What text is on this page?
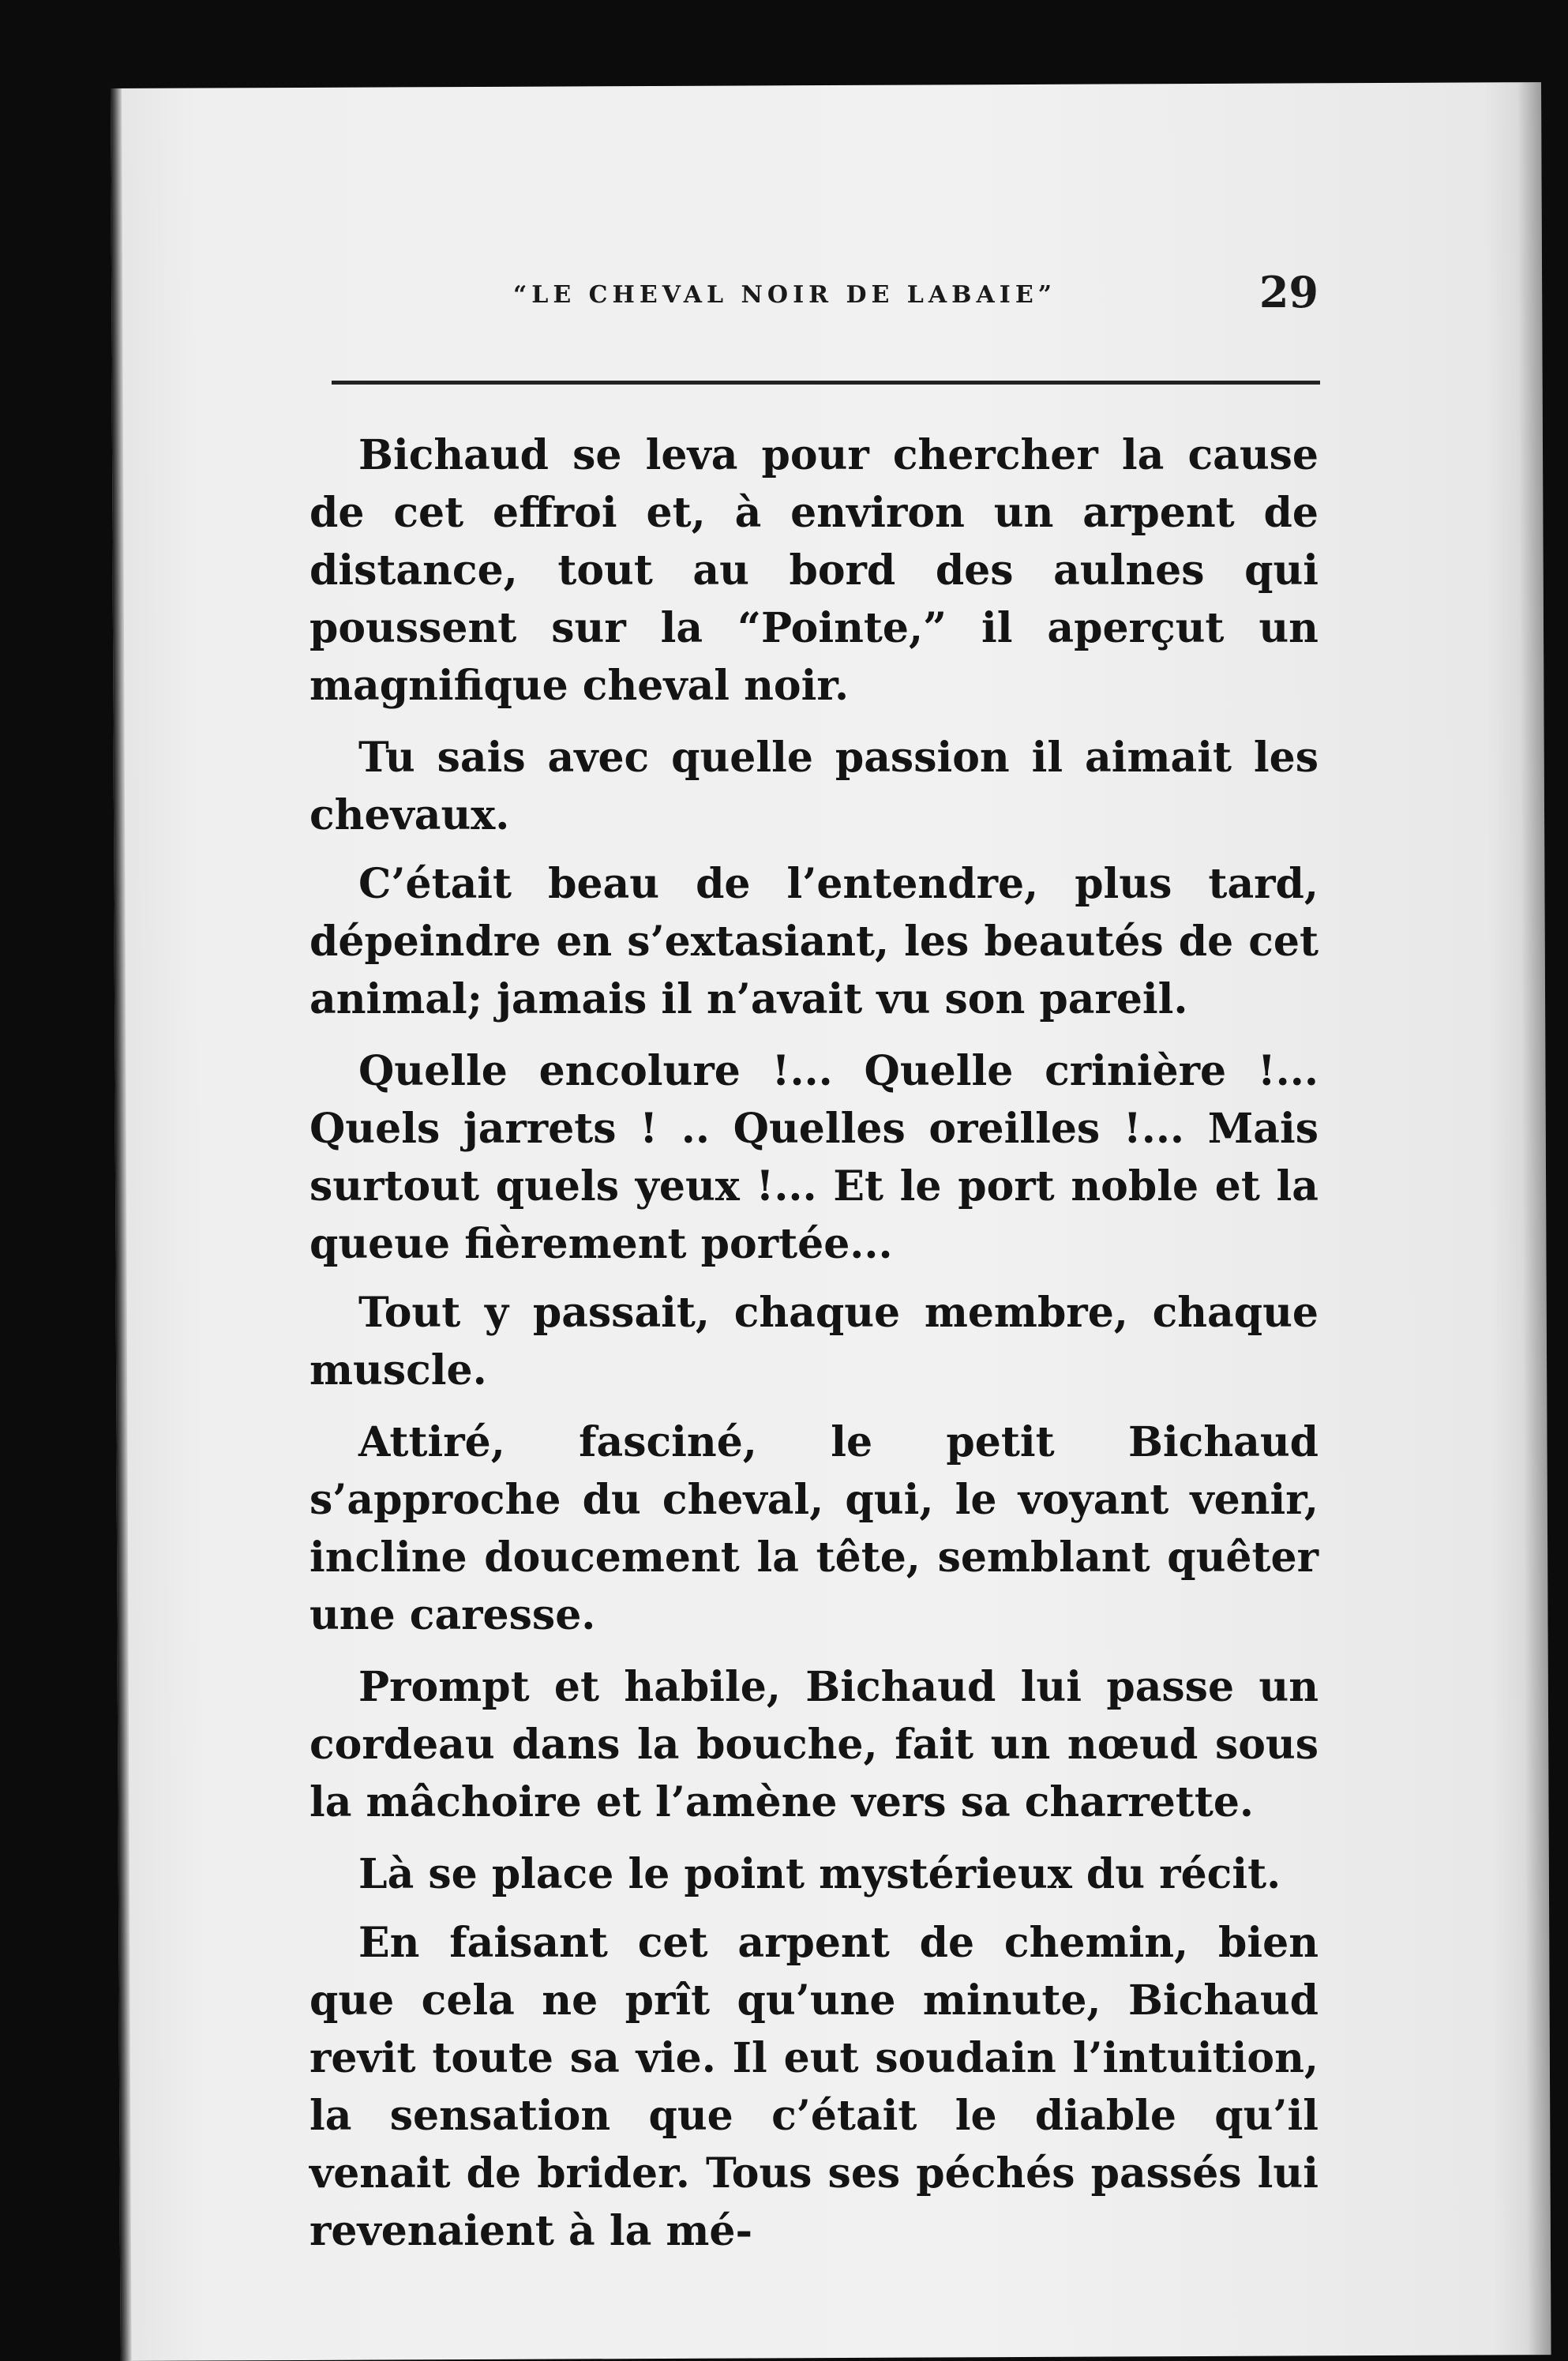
“LE CHEVAL NOIR DE LABAIE”	29

Bichaud se leva pour chercher la cause de cet effroi et, à environ un arpent de distance, tout au bord des aulnes qui poussent sur la “Pointe,” il aperçut un magnifique cheval noir.

Tu sais avec quelle passion il aimait les chevaux.

C’était beau de l’entendre, plus tard, dépeindre en s’extasiant, les beautés de cet animal; jamais il n’avait vu son pareil.

Quelle encolure !... Quelle crinière !... Quels jarrets ! .. Quelles oreilles !... Mais surtout quels yeux !... Et le port noble et la queue fièrement portée...

Tout y passait, chaque membre, chaque muscle.

Attiré, fasciné, le petit Bichaud s’approche du cheval, qui, le voyant venir, incline doucement la tête, semblant quêter une caresse.

Prompt et habile, Bichaud lui passe un cordeau dans la bouche, fait un nœud sous la mâchoire et l’amène vers sa charrette.

Là se place le point mystérieux du récit.

En faisant cet arpent de chemin, bien que cela ne prît qu’une minute, Bichaud revit toute sa vie. Il eut soudain l’intuition, la sensation que c’était le diable qu’il venait de brider. Tous ses péchés passés lui revenaient à la mé-
